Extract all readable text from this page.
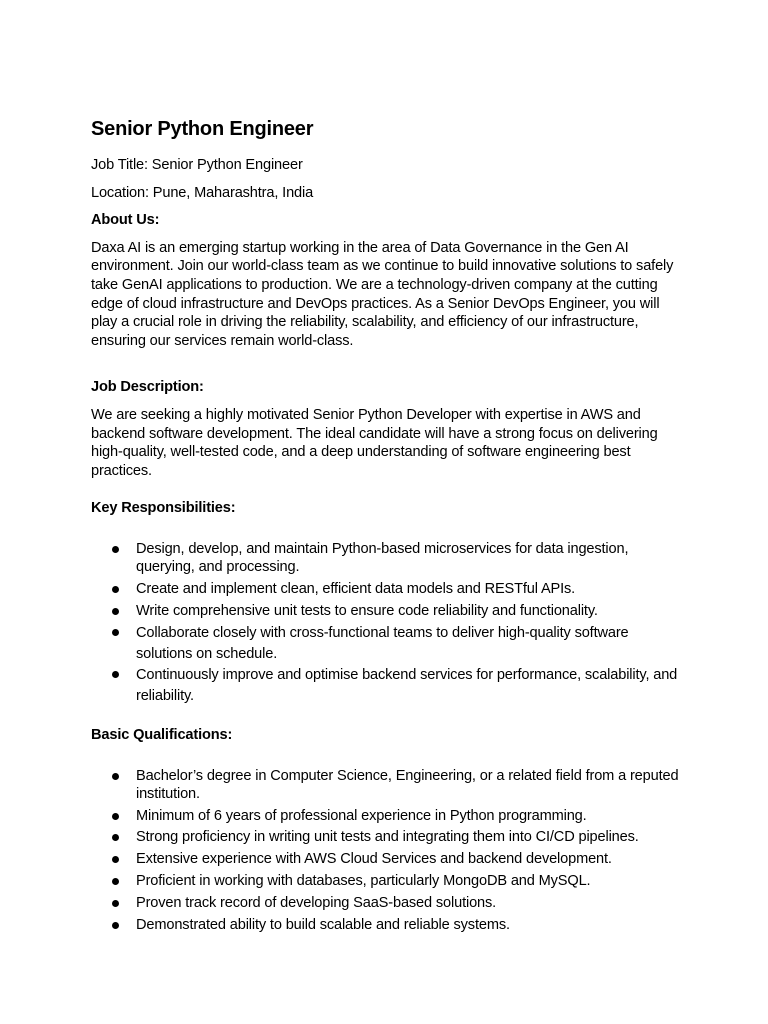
Senior Python Engineer
Job Title: Senior Python Engineer
Location: Pune, Maharashtra, India
About Us:

Daxa AI is an emerging startup working in the area of Data Governance in the Gen AI environment. Join our world-class team as we continue to build innovative solutions to safely take GenAI applications to production. We are a technology-driven company at the cutting edge of cloud infrastructure and DevOps practices. As a Senior DevOps Engineer, you will play a crucial role in driving the reliability, scalability, and efficiency of our infrastructure, ensuring our services remain world-class.

Job Description:

We are seeking a highly motivated Senior Python Developer with expertise in AWS and backend software development. The ideal candidate will have a strong focus on delivering high-quality, well-tested code, and a deep understanding of software engineering best practices.

Key Responsibilities:
Design, develop, and maintain Python-based microservices for data ingestion, querying, and processing.
Create and implement clean, efficient data models and RESTful APIs.
Write comprehensive unit tests to ensure code reliability and functionality.
Collaborate closely with cross-functional teams to deliver high-quality software solutions on schedule.
Continuously improve and optimise backend services for performance, scalability, and reliability.
Basic Qualifications:
Bachelor’s degree in Computer Science, Engineering, or a related field from a reputed institution.
Minimum of 6 years of professional experience in Python programming.
Strong proficiency in writing unit tests and integrating them into CI/CD pipelines.
Extensive experience with AWS Cloud Services and backend development.
Proficient in working with databases, particularly MongoDB and MySQL.
Proven track record of developing SaaS-based solutions.
Demonstrated ability to build scalable and reliable systems.
